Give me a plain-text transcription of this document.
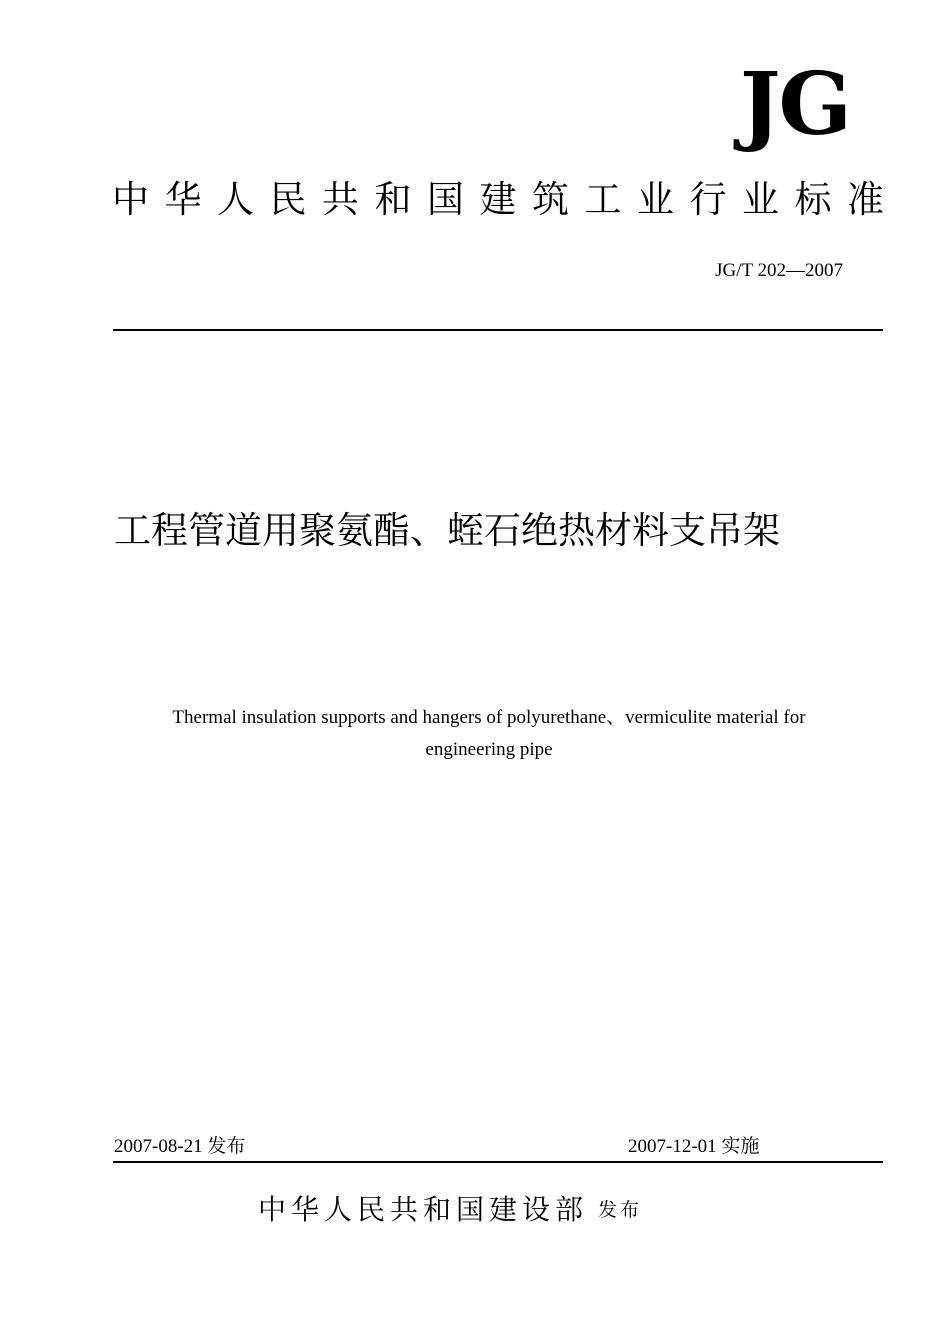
JG
中 华 人 民 共 和 国 建 筑 工 业 行 业 标 准
JG/T 202—2007
工程管道用聚氨酯、蛭石绝热材料支吊架
Thermal insulation supports and hangers of polyurethane、vermiculite material for
engineering pipe
2007-08-21 发布	2007-12-01 实施
中华人民共和国建设部 发布
